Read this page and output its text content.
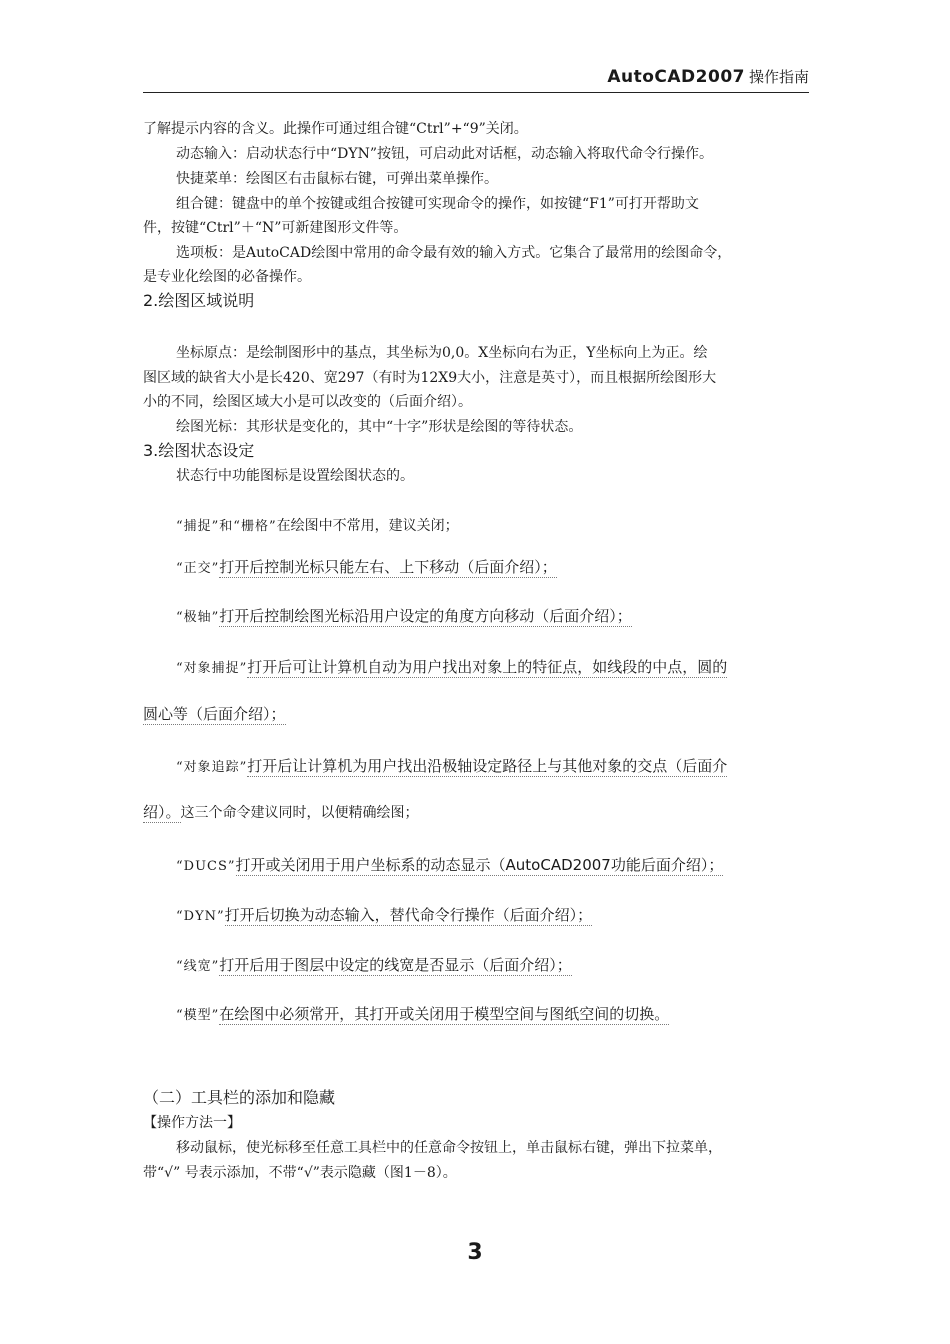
AutoCAD2007 操作指南
了解提示内容的含义。此操作可通过组合键“Ctrl”+“9”关闭。
动态输入：启动状态行中“DYN”按钮，可启动此对话框，动态输入将取代命令行操作。
快捷菜单：绘图区右击鼠标右键，可弹出菜单操作。
组合键：键盘中的单个按键或组合按键可实现命令的操作，如按键“F1”可打开帮助文
件，按键“Ctrl”＋“N”可新建图形文件等。
选项板：是AutoCAD绘图中常用的命令最有效的输入方式。它集合了最常用的绘图命令，
是专业化绘图的必备操作。
2.绘图区域说明
坐标原点：是绘制图形中的基点，其坐标为0,0。X坐标向右为正，Y坐标向上为正。绘
图区域的缺省大小是长420、宽297（有时为12X9大小，注意是英寸），而且根据所绘图形大
小的不同，绘图区域大小是可以改变的（后面介绍）。
绘图光标：其形状是变化的，其中“十字”形状是绘图的等待状态。
3.绘图状态设定
状态行中功能图标是设置绘图状态的。
“捕捉”和“栅格”在绘图中不常用，建议关闭；
“正交”打开后控制光标只能左右、上下移动（后面介绍）；
“极轴”打开后控制绘图光标沿用户设定的角度方向移动（后面介绍）；
“对象捕捉”打开后可让计算机自动为用户找出对象上的特征点，如线段的中点，圆的
圆心等（后面介绍）；
“对象追踪”打开后让计算机为用户找出沿极轴设定路径上与其他对象的交点（后面介
绍）。这三个命令建议同时，以便精确绘图；
“DUCS”打开或关闭用于用户坐标系的动态显示（AutoCAD2007功能后面介绍）；
“DYN”打开后切换为动态输入，替代命令行操作（后面介绍）；
“线宽”打开后用于图层中设定的线宽是否显示（后面介绍）；
“模型”在绘图中必须常开，其打开或关闭用于模型空间与图纸空间的切换。
（二）工具栏的添加和隐藏
【操作方法一】
移动鼠标，使光标移至任意工具栏中的任意命令按钮上，单击鼠标右键，弹出下拉菜单，
带“√” 号表示添加，不带“√”表示隐藏（图1－8）。
3
